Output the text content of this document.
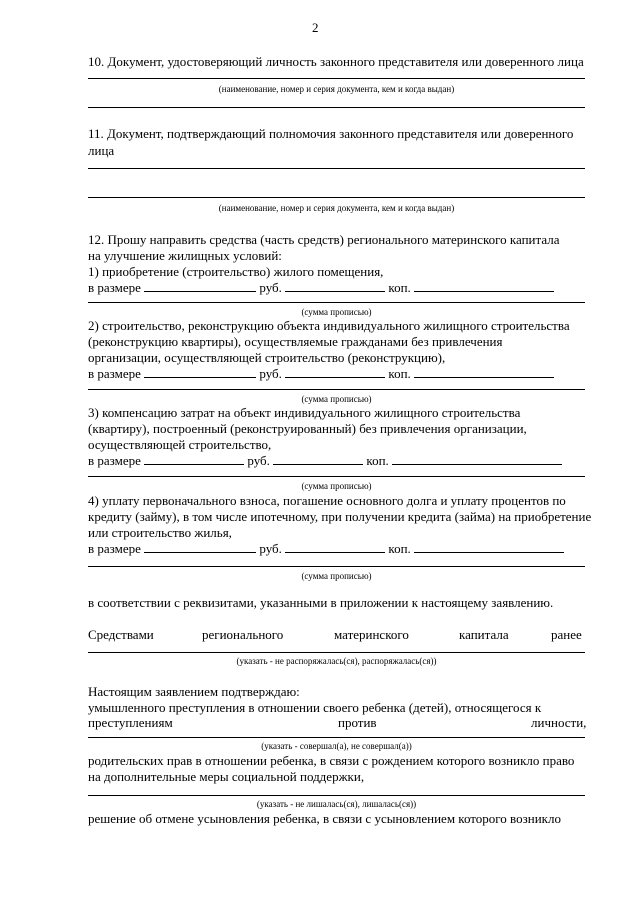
2
10. Документ, удостоверяющий личность законного представителя или доверенного лица
(наименование, номер и серия документа, кем и когда выдан)
11. Документ, подтверждающий полномочия законного представителя или доверенного
лица
(наименование, номер и серия документа, кем и когда выдан)
12. Прошу направить средства (часть средств) регионального материнского капитала
на улучшение жилищных условий:
1) приобретение (строительство) жилого помещения,
в размере	руб.	коп.
(сумма прописью)
2) строительство, реконструкцию объекта индивидуального жилищного строительства
(реконструкцию квартиры), осуществляемые гражданами без привлечения
организации, осуществляющей строительство (реконструкцию),
в размере	руб.	коп.
(сумма прописью)
3) компенсацию затрат на объект индивидуального жилищного строительства
(квартиру), построенный (реконструированный) без привлечения организации,
осуществляющей строительство,
в размере	руб.	коп.
(сумма прописью)
4) уплату первоначального взноса, погашение основного долга и уплату процентов по
кредиту (займу), в том числе ипотечному, при получении кредита (займа) на приобретение
или строительство жилья,
в размере	руб.	коп.
(сумма прописью)
в соответствии с реквизитами, указанными в приложении к настоящему заявлению.
Средствами	регионального	материнского	капитала	ранее
(указать - не распоряжалась(ся), распоряжалась(ся))
Настоящим заявлением подтверждаю:
умышленного преступления в отношении своего ребенка (детей), относящегося к
преступлениям	против	личности,
(указать - совершал(а), не совершал(а))
родительских прав в отношении ребенка, в связи с рождением которого возникло право
на дополнительные меры социальной поддержки,
(указать - не лишалась(ся), лишалась(ся))
решение об отмене усыновления ребенка, в связи с усыновлением которого возникло
